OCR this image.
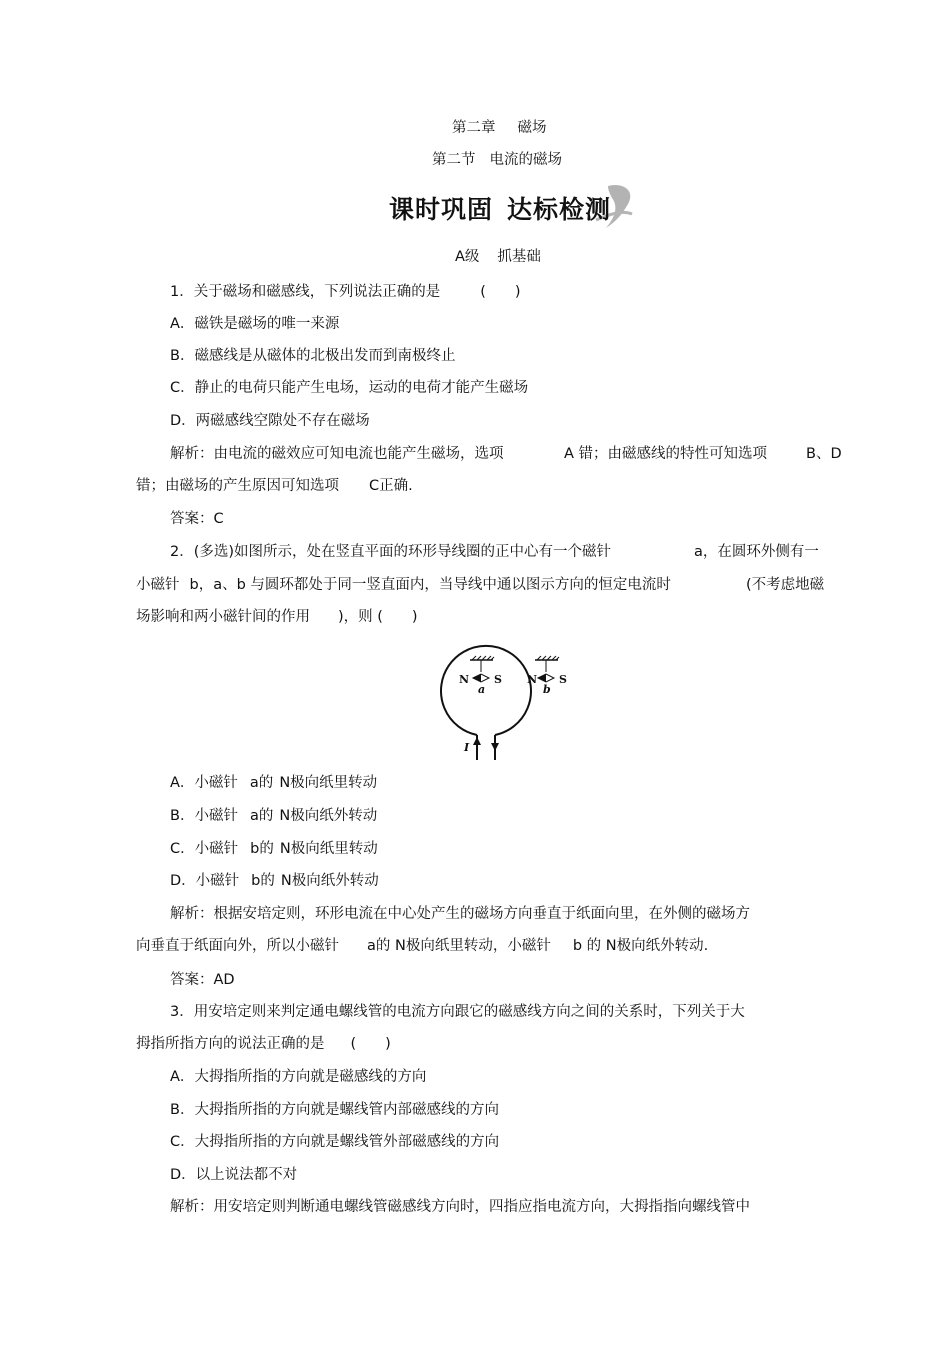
第二章 磁场
第二节 电流的磁场
课时巩固 达标检测
A级 抓基础
1．关于磁场和磁感线，下列说法正确的是	(　　)
A．磁铁是磁场的唯一来源
B．磁感线是从磁体的北极出发而到南极终止
C．静止的电荷只能产生电场，运动的电荷才能产生磁场
D．两磁感线空隙处不存在磁场
解析：由电流的磁效应可知电流也能产生磁场，选项	A 错；由磁感线的特性可知选项	B、D
错；由磁场的产生原因可知选项 C正确.
答案：C
2．(多选)如图所示，处在竖直平面的环形导线圈的正中心有一个磁针	a，在圆环外侧有一
小磁针 b，a、b 与圆环都处于同一竖直面内，当导线中通以图示方向的恒定电流时	(不考虑地磁
场影响和两小磁针间的作用 )，则 (　　)
N S
a
N S
b
I
A．小磁针 a的 N极向纸里转动
B．小磁针 a的 N极向纸外转动
C．小磁针 b的 N极向纸里转动
D．小磁针 b的 N极向纸外转动
解析：根据安培定则，环形电流在中心处产生的磁场方向垂直于纸面向里，在外侧的磁场方
向垂直于纸面向外，所以小磁针 a的 N极向纸里转动，小磁针 b 的 N极向纸外转动.
答案：AD
3．用安培定则来判定通电螺线管的电流方向跟它的磁感线方向之间的关系时，下列关于大
拇指所指方向的说法正确的是 (　　)
A．大拇指所指的方向就是磁感线的方向
B．大拇指所指的方向就是螺线管内部磁感线的方向
C．大拇指所指的方向就是螺线管外部磁感线的方向
D．以上说法都不对
解析：用安培定则判断通电螺线管磁感线方向时，四指应指电流方向，大拇指指向螺线管中
